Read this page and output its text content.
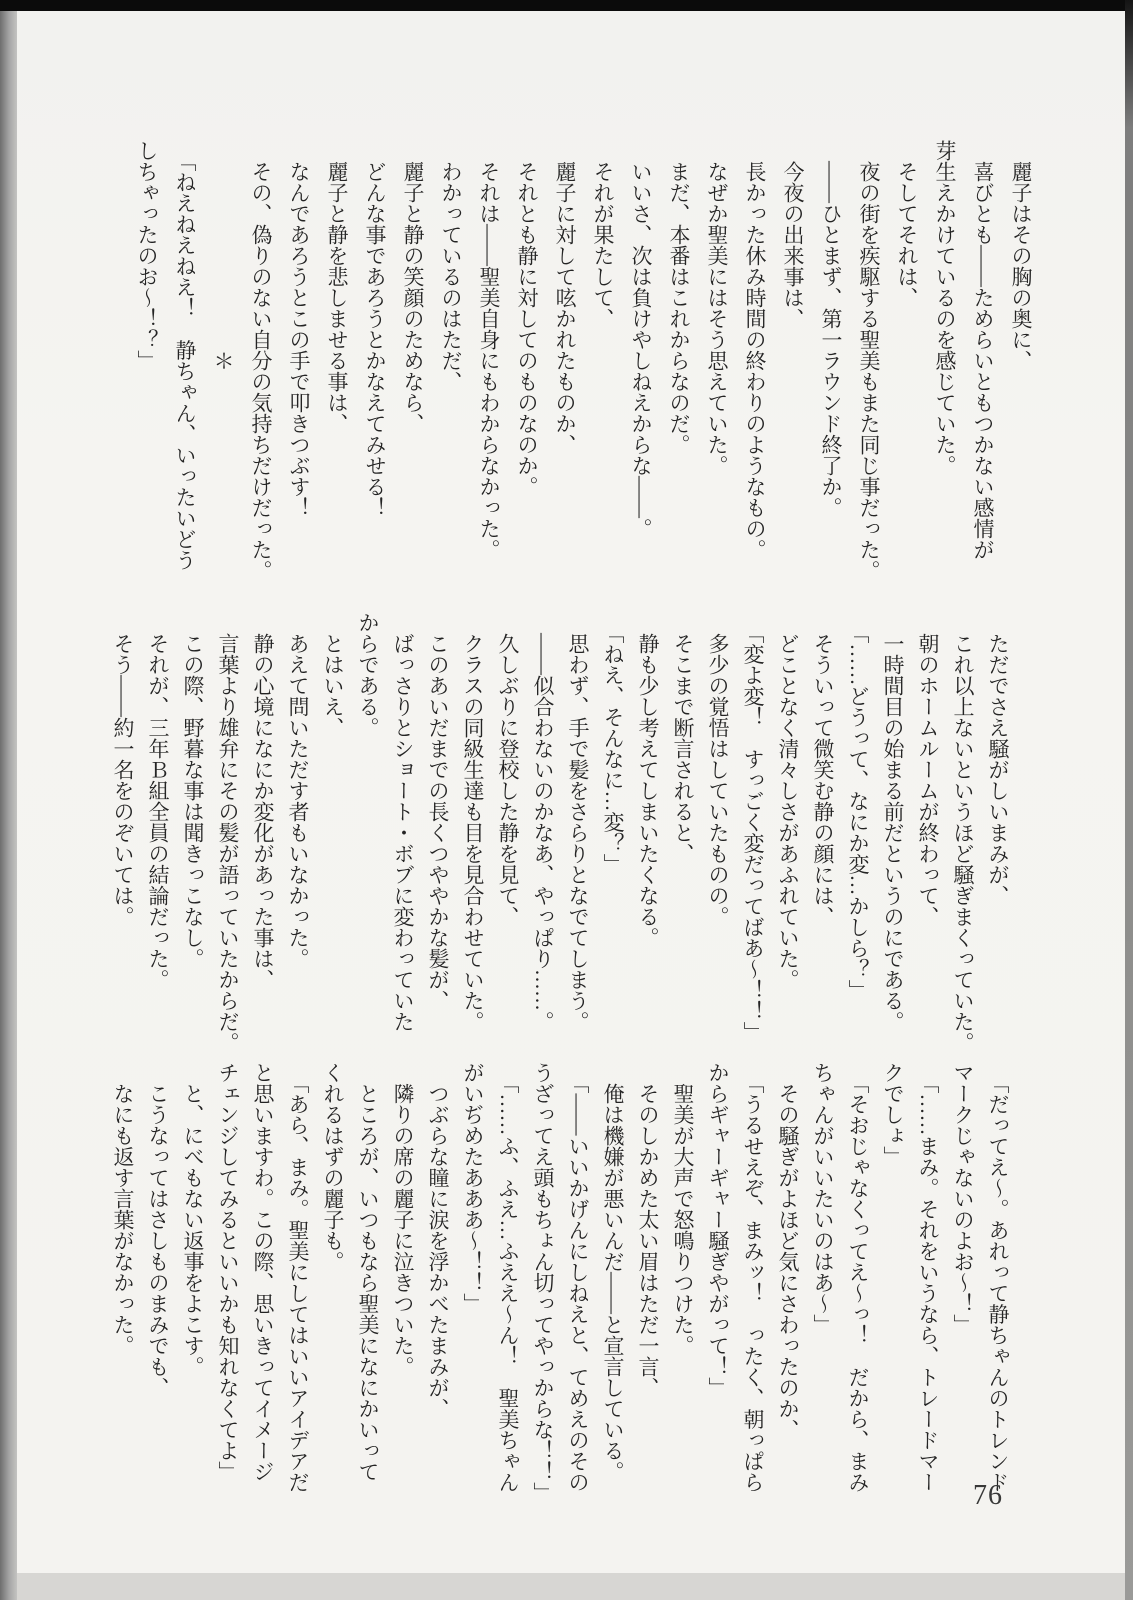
　麗子はその胸の奥に、
　喜びとも――ためらいともつかない感情が
芽生えかけているのを感じていた。
　そしてそれは、
　夜の街を疾駆する聖美もまた同じ事だった。
　――ひとまず、第一ラウンド終了か。
　今夜の出来事は、
　長かった休み時間の終わりのようなもの。
　なぜか聖美にはそう思えていた。
　まだ、本番はこれからなのだ。
　いいさ、次は負けやしねえからな――。
　それが果たして、
　麗子に対して呟かれたものか、
　それとも静に対してのものなのか。
　それは――聖美自身にもわからなかった。
　わかっているのはただ、
　麗子と静の笑顔のためなら、
　どんな事であろうとかなえてみせる！
　麗子と静を悲しませる事は、
　なんであろうとこの手で叩きつぶす！
　その、偽りのない自分の気持ちだけだった。
　　　　　　　　　　＊
　「ねえねえねえ！　静ちゃん、いったいどう
しちゃったのお〜！？」
　ただでさえ騒がしいまみが、
　これ以上ないというほど騒ぎまくっていた。
　朝のホームルームが終わって、
　一時間目の始まる前だというのにである。
　「……どうって、なにか変…かしら？」
　そういって微笑む静の顔には、
　どことなく清々しさがあふれていた。
　「変よ変！　すっごく変だってばあ〜！！」
　多少の覚悟はしていたものの。
　そこまで断言されると、
　静も少し考えてしまいたくなる。
　「ねえ、そんなに…変？」
　思わず、手で髪をさらりとなでてしまう。
　――似合わないのかなあ、やっぱり……。
　久しぶりに登校した静を見て、
　クラスの同級生達も目を見合わせていた。
　このあいだまでの長くつややかな髪が、
　ばっさりとショート・ボブに変わっていた
からである。
　とはいえ、
　あえて問いただす者もいなかった。
　静の心境になにか変化があった事は、
　言葉より雄弁にその髪が語っていたからだ。
　この際、野暮な事は聞きっこなし。
　それが、三年Ｂ組全員の結論だった。
　そう――約一名をのぞいては。
　「だってえ〜。あれって静ちゃんのトレンド
マークじゃないのよお〜！」
　「……まみ。それをいうなら、トレードマー
クでしょ」
　「そおじゃなくってえ〜っ！　だから、まみ
ちゃんがいいたいのはあ〜」
　その騒ぎがよほど気にさわったのか、
　「うるせえぞ、まみッ！　ったく、朝っぱら
からギャーギャー騒ぎやがって！」
　聖美が大声で怒鳴りつけた。
　そのしかめた太い眉はただ一言、
　俺は機嫌が悪いんだ――と宣言している。
　「――いいかげんにしねえと、てめえのその
うざってえ頭もちょん切ってやっからな！！」
　「……ふ、ふえ…ふええ〜ん！　聖美ちゃん
がいぢめたあああ〜！！」
　つぶらな瞳に涙を浮かべたまみが、
　隣りの席の麗子に泣きついた。
　ところが、いつもなら聖美になにかいって
くれるはずの麗子も。
　「あら、まみ。聖美にしてはいいアイデアだ
と思いますわ。この際、思いきってイメージ
チェンジしてみるといいかも知れなくてよ」
　と、にべもない返事をよこす。
　こうなってはさしものまみでも、
　なにも返す言葉がなかった。
76
